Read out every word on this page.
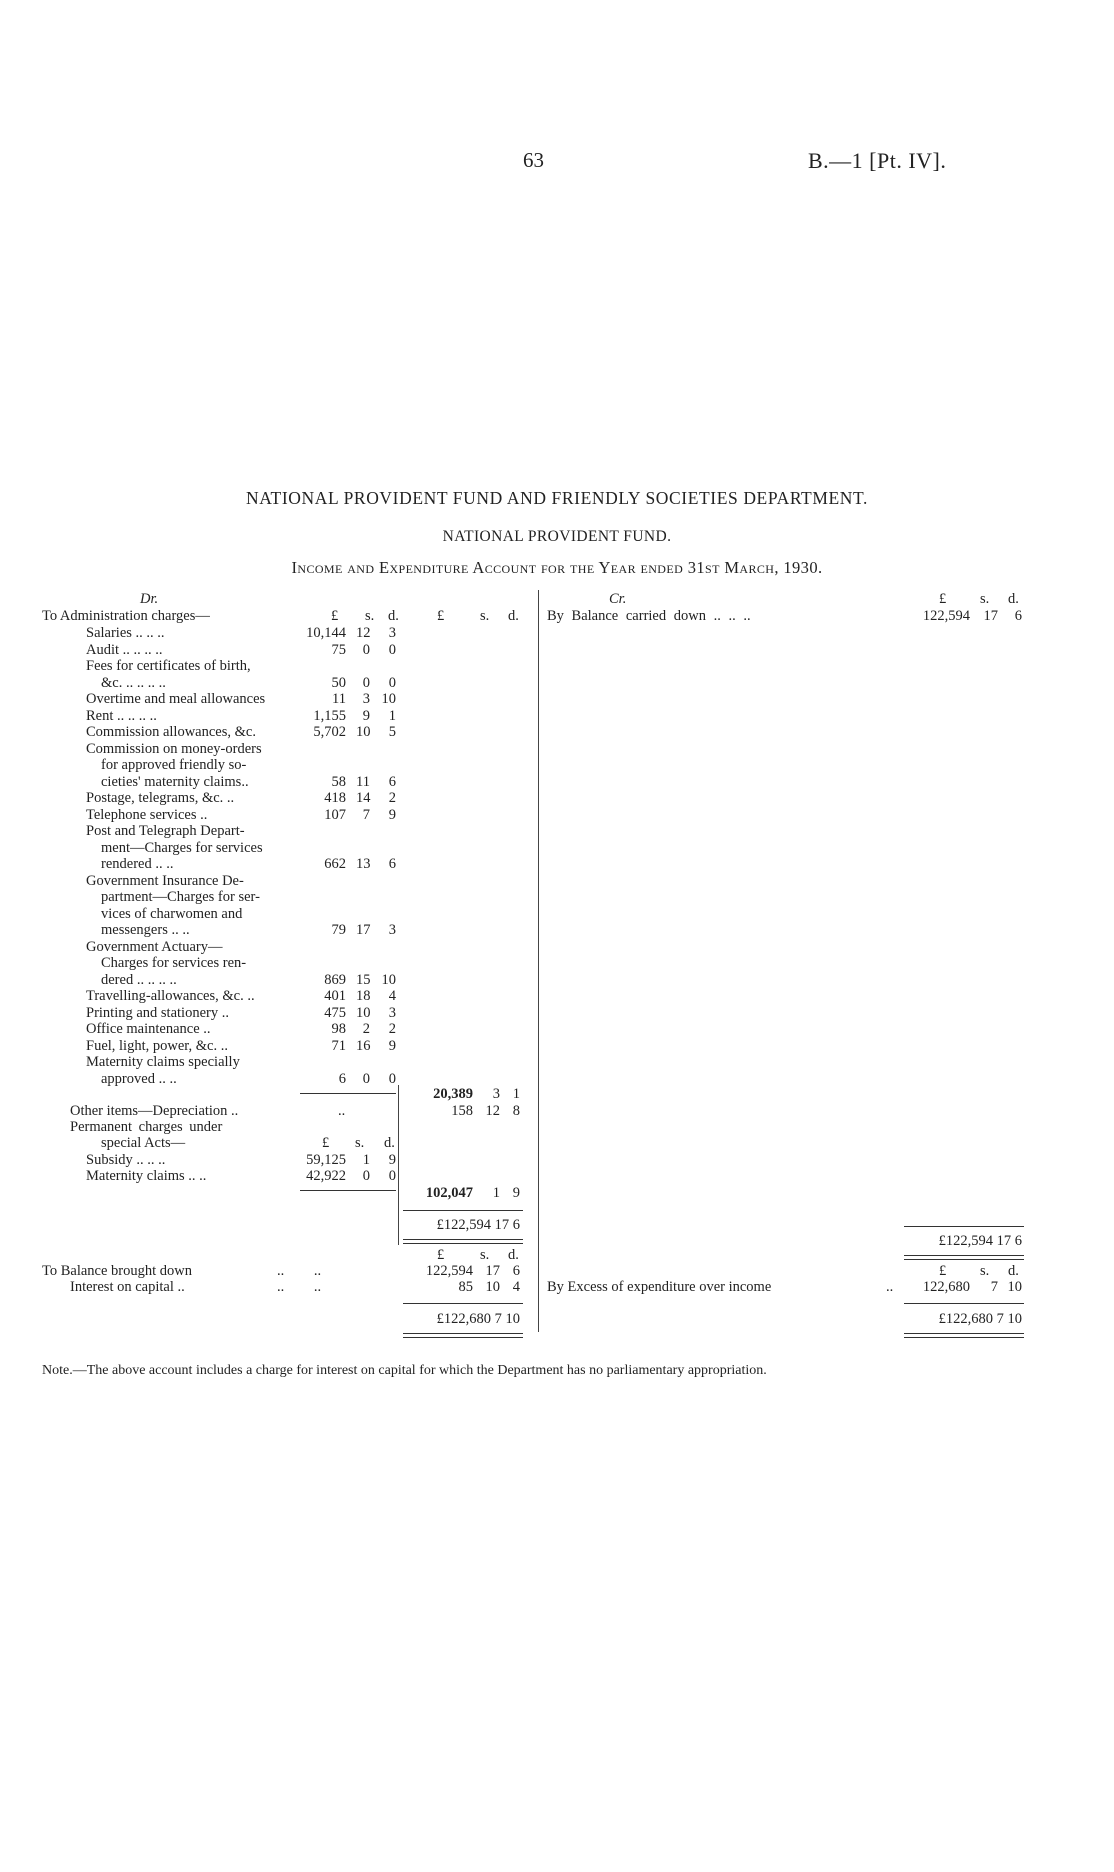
63	B.—1 [Pt. IV].
NATIONAL PROVIDENT FUND AND FRIENDLY SOCIETIES DEPARTMENT.
NATIONAL PROVIDENT FUND.
Income and Expenditure Account for the Year ended 31st March, 1930.
Dr.
To Administration charges—	£ s. d.	£ s. d.
Salaries .. .. ..	10,144 12	3
Audit .. .. .. ..	75	0	0
Fees for certificates of birth,
&c. .. .. .. ..	50	0	0
Overtime and meal allowances	11	3 10
Rent .. .. .. ..	1,155	9	1
Commission allowances, &c.	5,702 10	5
Commission on money-orders
for approved friendly so-
cieties' maternity claims..	58 11	6
Postage, telegrams, &c. ..	418 14	2
Telephone services ..	107	7	9
Post and Telegraph Depart-
ment—Charges for services
rendered .. ..	662 13	6
Government Insurance De-
partment—Charges for ser-
vices of charwomen and
messengers .. ..	79 17	3
Government Actuary—
Charges for services ren-
dered .. .. .. ..	869 15 10
Travelling-allowances, &c. ..	401 18	4
Printing and stationery ..	475 10	3
Office maintenance ..	98	2	2
Fuel, light, power, &c. ..	71 16	9
Maternity claims specially
approved .. ..	6	0	0
20,389	3 1
Other items—Depreciation ..	..	158 12 8
Permanent charges under
special Acts—	£ s. d.
Subsidy .. .. ..	59,125	1	9
Maternity claims .. ..	42,922	0	0
102,047	1 9
£122,594 17 6
£ s. d.
To Balance brought down	.. ..	122,594 17 6
Interest on capital ..	.. ..	85 10 4
£122,680 7 10
Cr.	£ s. d.
By Balance carried down .. .. ..	122,594 17	6
£122,594 17 6
£ s. d.
By Excess of expenditure over income	..	122,680	7 10
£122,680 7 10
Note.—The above account includes a charge for interest on capital for which the Department has no parliamentary appropriation.
